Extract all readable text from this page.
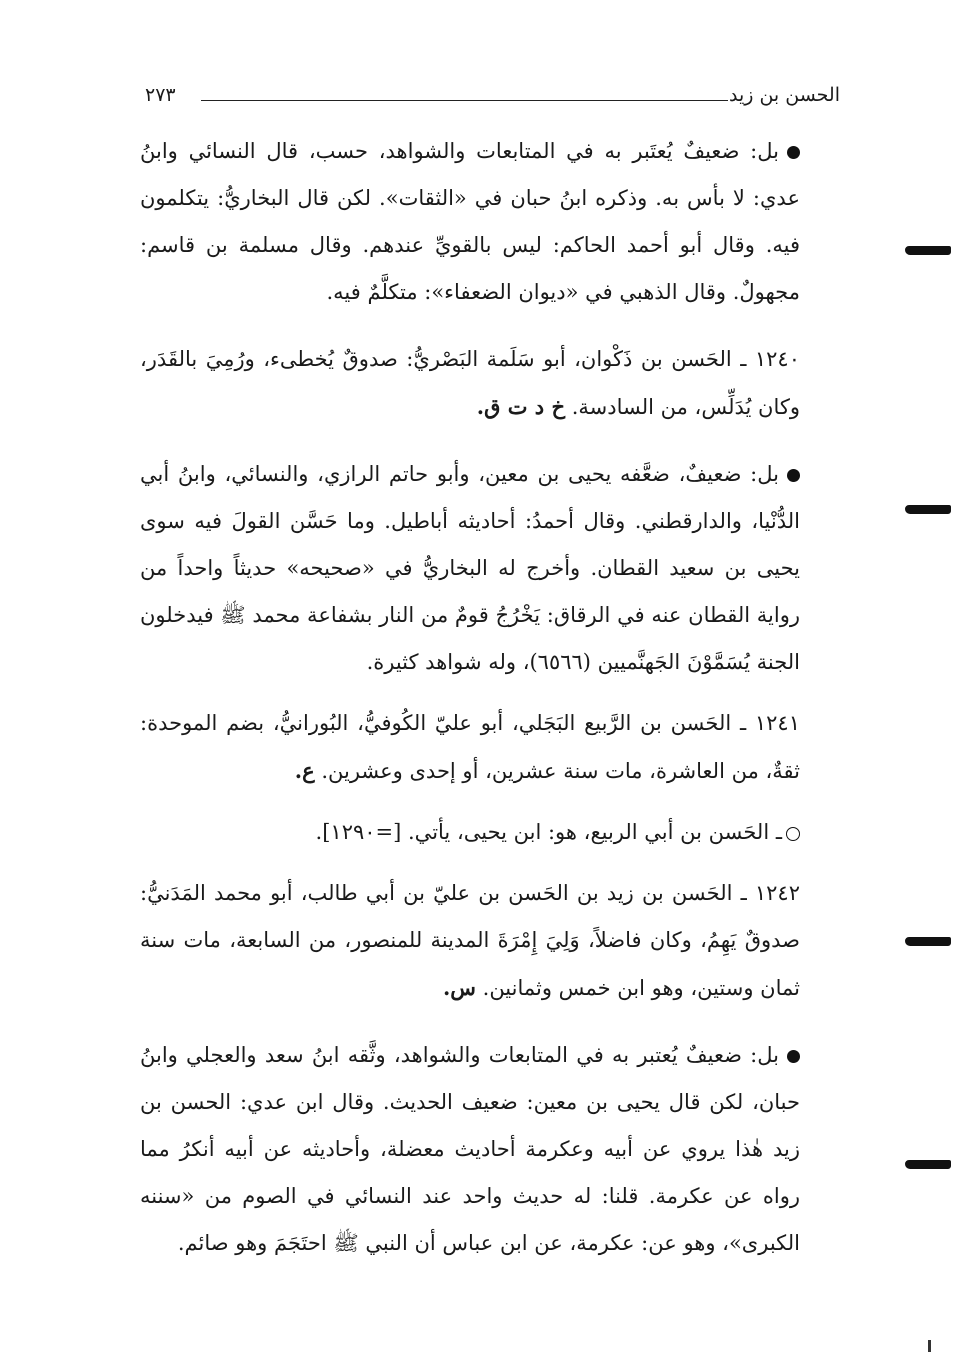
الحسن بن زيد
٢٧٣

بل: ضعيفٌ يُعتَبر به في المتابعات والشواهد، حسب، قال النسائي وابنُ عدي: لا بأس به. وذكره ابنُ حبان في «الثقات». لكن قال البخاريُّ: يتكلمون فيه. وقال أبو أحمد الحاكم: ليس بالقويِّ عندهم. وقال مسلمة بن قاسم: مجهولٌ. وقال الذهبي في «ديوان الضعفاء»: متكلَّمٌ فيه.

١٢٤٠ ـ الحَسن بن ذَكْوان، أبو سَلَمة البَصْريُّ: صدوقٌ يُخطىء، ورُمِيَ بالقَدَر، وكان يُدَلِّس، من السادسة. خ د ت ق.

بل: ضعيفٌ، ضعَّفه يحيى بن معين، وأبو حاتم الرازي، والنسائي، وابنُ أبي الدُّنْيا، والدارقطني. وقال أحمدُ: أحاديثه أباطيل. وما حَسَّن القولَ فيه سوى يحيى بن سعيد القطان. وأخرج له البخاريُّ في «صحيحه» حديثاً واحداً من رواية القطان عنه في الرقاق: يَخْرُجُ قومٌ من النار بشفاعة محمد ﷺ فيدخلون الجنة يُسَمَّوْنَ الجَهنَّميين (٦٥٦٦)، وله شواهد كثيرة.

١٢٤١ ـ الحَسن بن الرَّبيع البَجَلي، أبو عليّ الكُوفيُّ، البُورانيُّ، بضم الموحدة: ثقةٌ، من العاشرة، مات سنة عشرين، أو إحدى وعشرين. ع.

ـ الحَسن بن أبي الربيع، هو: ابن يحيى، يأتي. [=١٢٩٠].

١٢٤٢ ـ الحَسن بن زيد بن الحَسن بن عليّ بن أبي طالب، أبو محمد المَدَنيُّ: صدوقٌ يَهِمُ، وكان فاضلاً، وَلِيَ إِمْرَةَ المدينة للمنصور، من السابعة، مات سنة ثمان وستين، وهو ابن خمس وثمانين. س.

بل: ضعيفٌ يُعتبر به في المتابعات والشواهد، وثَّقه ابنُ سعد والعجلي وابنُ حبان، لكن قال يحيى بن معين: ضعيف الحديث. وقال ابن عدي: الحسن بن زيد هٰذا يروي عن أبيه وعكرمة أحاديث معضلة، وأحاديثه عن أبيه أنكرُ مما رواه عن عكرمة. قلنا: له حديث واحد عند النسائي في الصوم من «سننه الكبرى»، وهو عن: عكرمة، عن ابن عباس أن النبي ﷺ احتَجَمَ وهو صائم.
